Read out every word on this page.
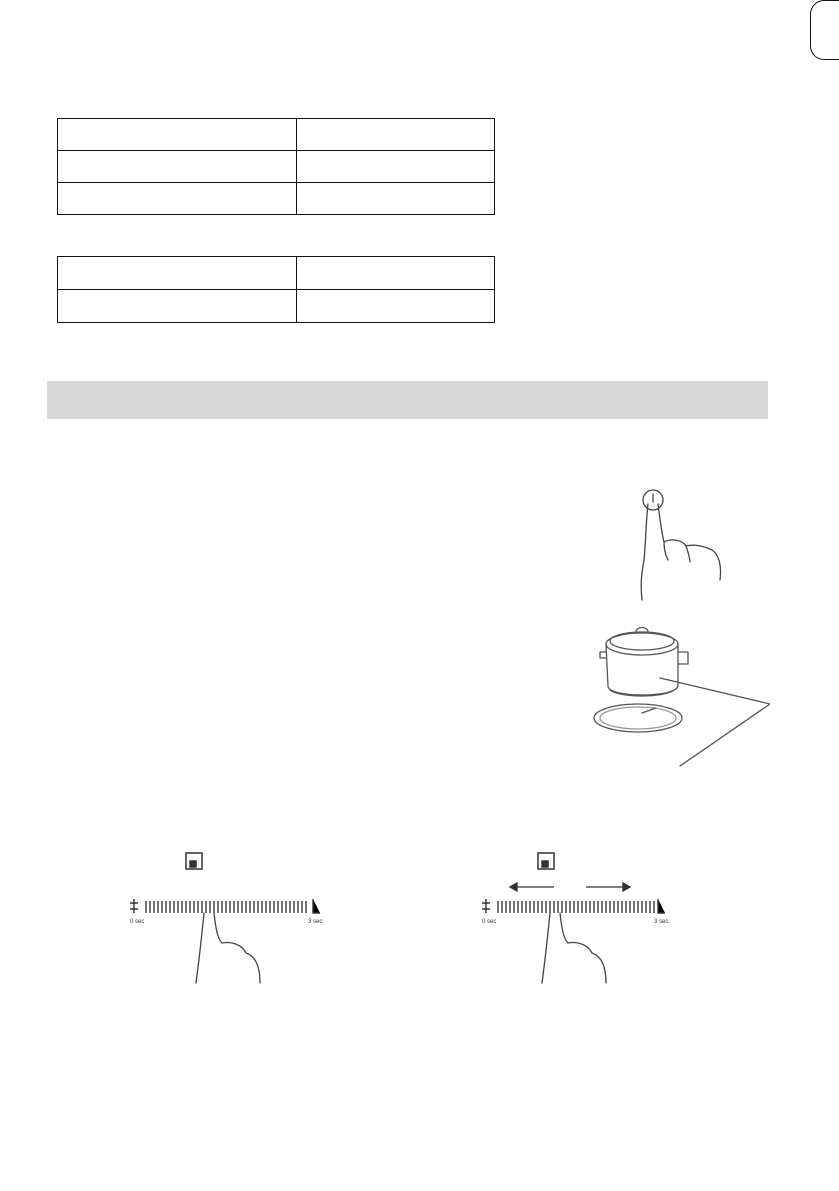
0 sec	3 sec	0 sec	3 sec
